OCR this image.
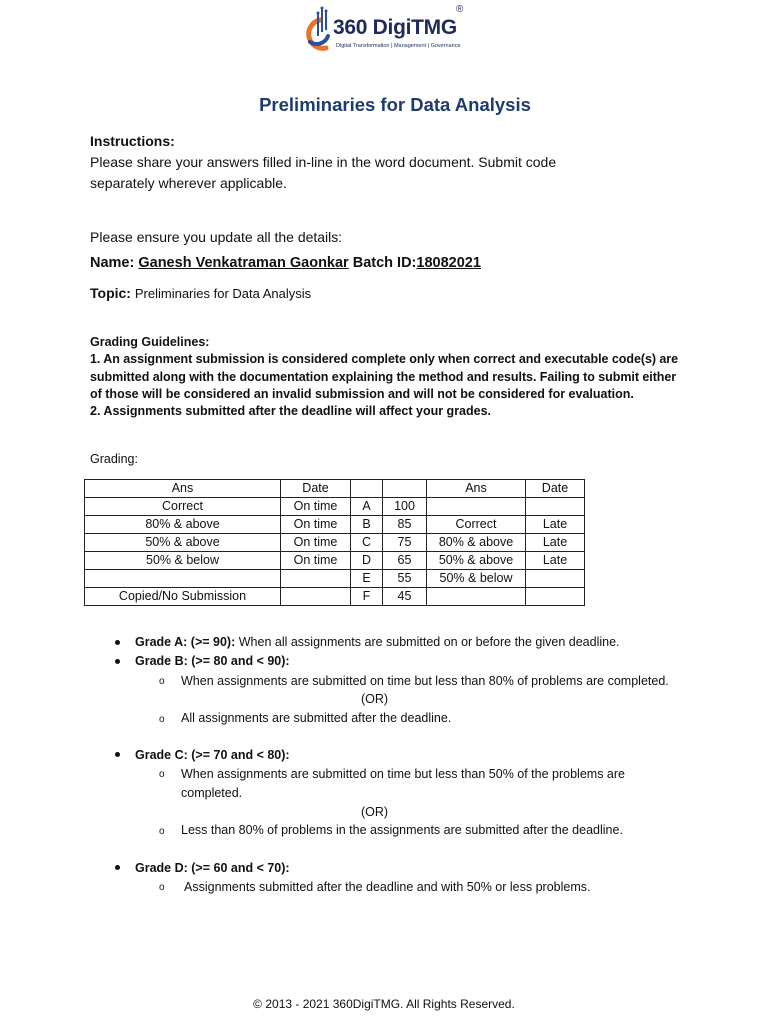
360 DigiTMG
®
Digital Transformation | Management | Governance
Preliminaries for Data Analysis
Instructions:
Please share your answers filled in-line in the word document. Submit code
separately wherever applicable.
Please ensure you update all the details:
Name: Ganesh Venkatraman Gaonkar Batch ID:18082021
Topic: Preliminaries for Data Analysis
Grading Guidelines:
1. An assignment submission is considered complete only when correct and executable code(s) are
submitted along with the documentation explaining the method and results. Failing to submit either
of those will be considered an invalid submission and will not be considered for evaluation.
2. Assignments submitted after the deadline will affect your grades.
Grading:
Ans	Date			Ans	Date
Correct	On time	A	100		
80% & above	On time	B	85	Correct	Late
50% & above	On time	C	75	80% & above	Late
50% & below	On time	D	65	50% & above	Late
		E	55	50% & below	
Copied/No Submission		F	45		
Grade A: (>= 90): When all assignments are submitted on or before the given deadline.
Grade B: (>= 80 and < 90):
o When assignments are submitted on time but less than 80% of problems are completed.
(OR)
o All assignments are submitted after the deadline.
Grade C: (>= 70 and < 80):
o When assignments are submitted on time but less than 50% of the problems are
completed.
(OR)
o Less than 80% of problems in the assignments are submitted after the deadline.
Grade D: (>= 60 and < 70):
o Assignments submitted after the deadline and with 50% or less problems.
© 2013 - 2021 360DigiTMG. All Rights Reserved.
